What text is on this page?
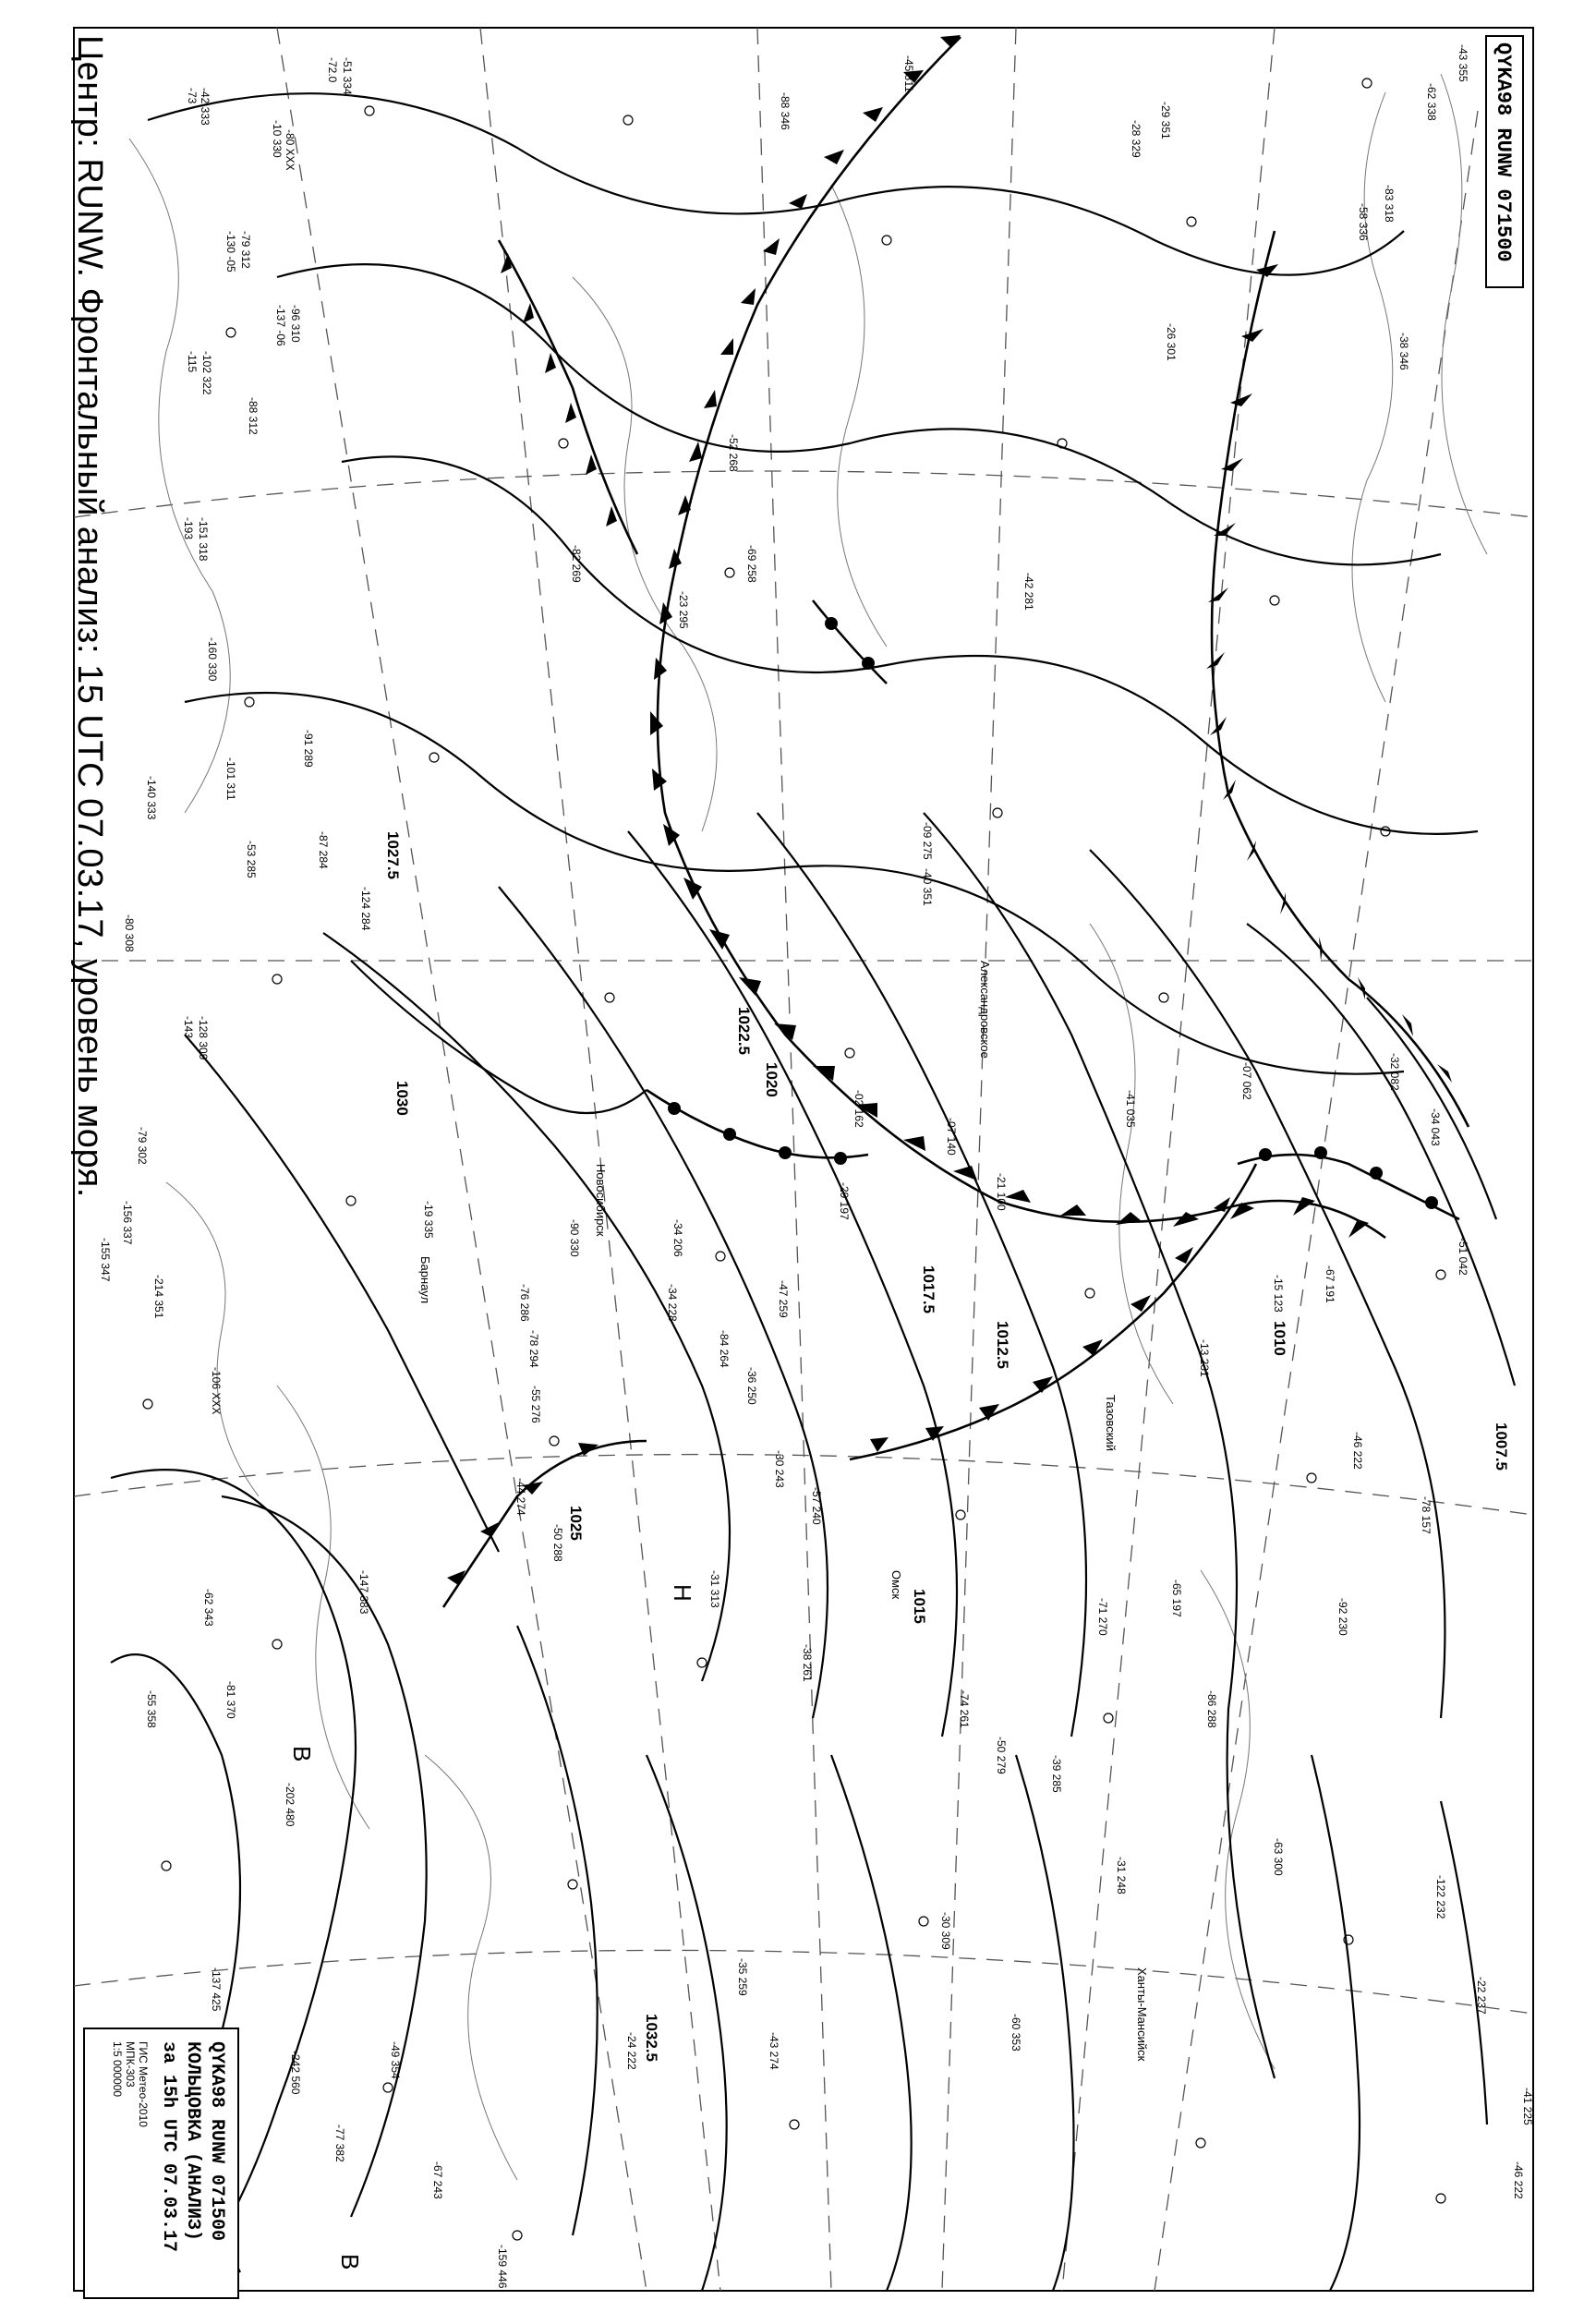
-51 334
-72.0
-10 330 -80 XXX
-42 333
-73
-79 312
-130 -05
-96 310
-137 -06
-102 322
-115
-88 312
-151 318
-193
-160 330
-91 289
-101 311
-140 333
-53 285
-80 308
-87 284
-128 309
-143
-124 284
-79 302
-156 337
-155 347
-214 351
-106 XXX
-147 383
-62 343
-81 370
-55 358
-202 480
-137 425
-242 560
-77 382
-67 243
-159 446
-49 354
-122 232
-22 237
-46 222
-41 225
-90 330
-19 335
-76 286
-78 294
-55 276
-44 274
-50 288
-36 250
-30 243
-57 240
-38 261
-84 264
-34 228	-47 259
-34 206
-29 197
-02 162
-07 140
-21 100
-41 035
-51 042
-34 043
-32 082
-07 062
-15 123
-13 231
-65 197
-78 157
-46 222
-67 191
-92 230
-86 288
-74 261
-71 270
-50 279	-39 285
-31 248	-63 300
-30 309
-60 353
-35 259
-43 274
-31 313
-24 222
-09 275
-52 268
-82 269	-69 258
-42 281
-23 295
-26 301
-40 351
-29 351
-43 355
-62 338
-58 336 -83 318
-38 346
-28 329
-45 311
-88 346
Тазовский
Ханты-Мансийск
Новосибирск
Александровское
Барнаул
Омск
1030
1027.5
1025
1022.5
1020
1017.5
1015
1012.5	1010
1007.5
1032.5
В
Н
В
Центр: RUNW. Фронтальный анализ: 15 UTC 07.03.17, уровень моря.	QYKA98 RUNW 071500
QYKA98 RUNW 071500
КОЛЬЦОВКА (АНАЛИЗ)
за 15h UTC 07.03.17
ГИС Метео-2010
МПК-303
1:5 000000
